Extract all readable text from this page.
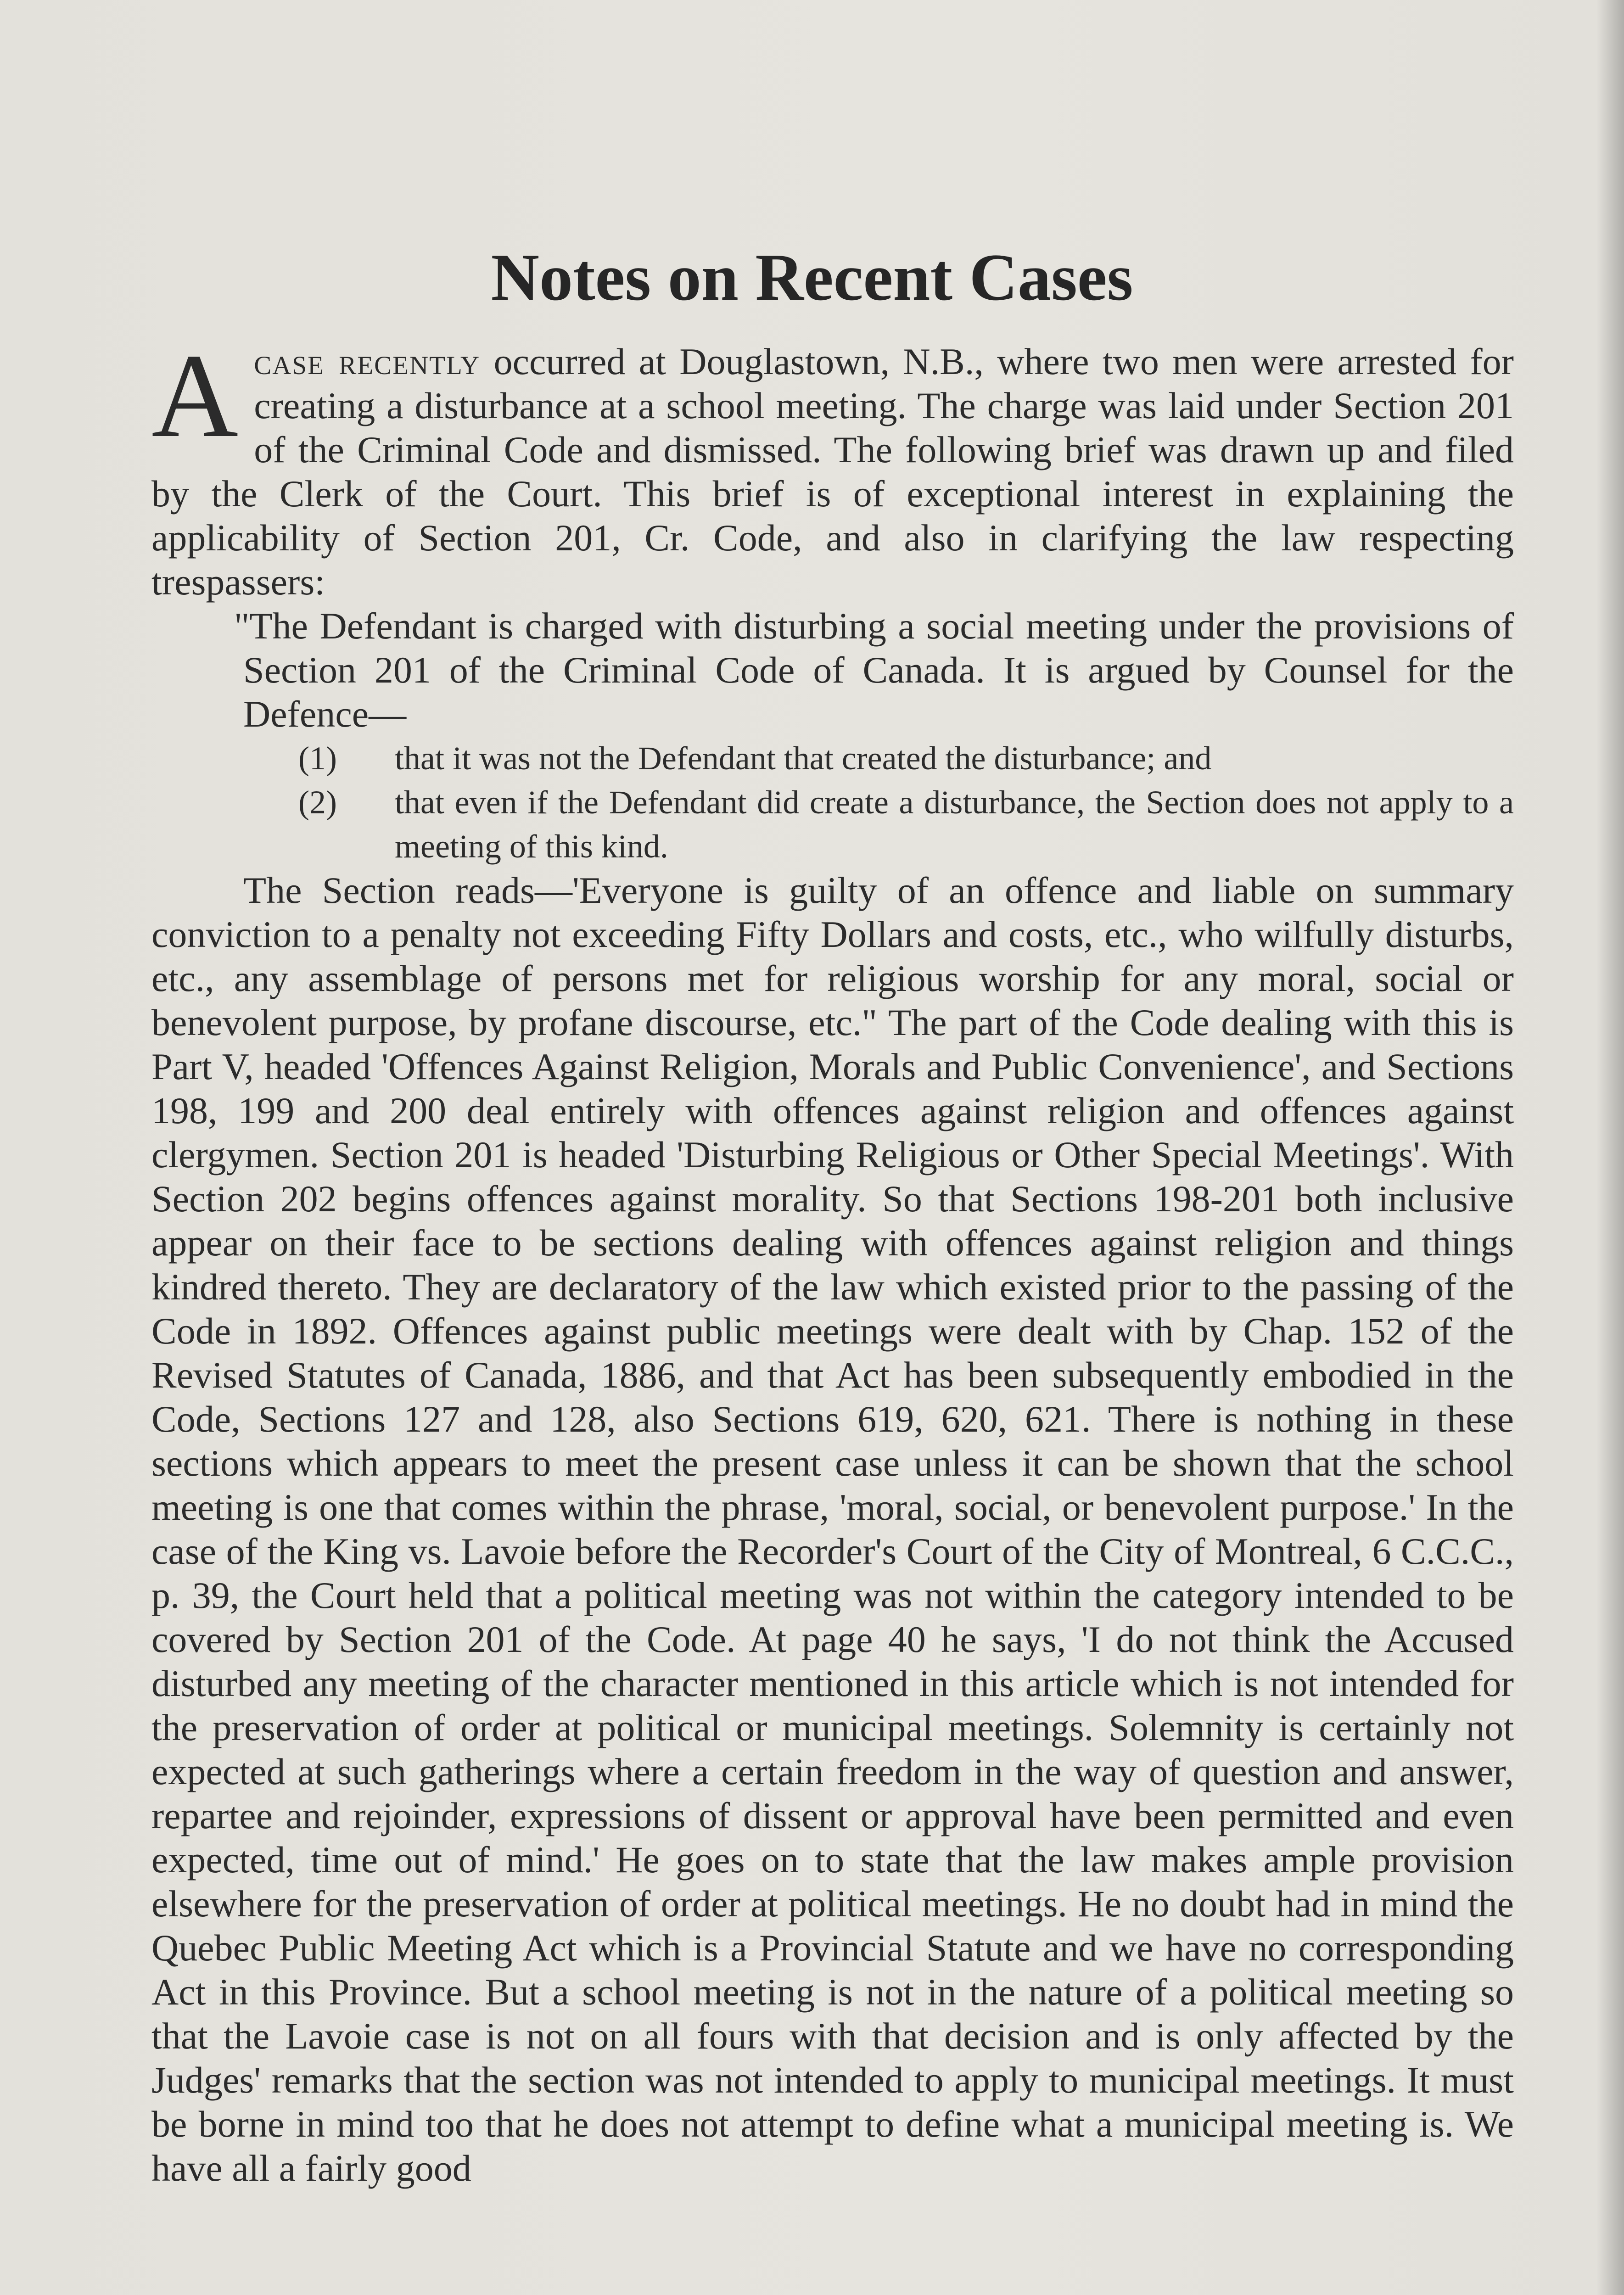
Notes on Recent Cases

Acase recently occurred at Douglastown, N.B., where two men were arrested for creating a disturbance at a school meeting. The charge was laid under Section 201 of the Criminal Code and dismissed. The following brief was drawn up and filed by the Clerk of the Court. This brief is of exceptional interest in explaining the applicability of Section 201, Cr. Code, and also in clarifying the law respecting trespassers:

"The Defendant is charged with disturbing a social meeting under the provisions of Section 201 of the Criminal Code of Canada. It is argued by Counsel for the Defence—

(1)	that it was not the Defendant that created the disturbance; and

(2)	that even if the Defendant did create a disturbance, the Section does not apply to a meeting of this kind.

The Section reads—'Everyone is guilty of an offence and liable on summary conviction to a penalty not exceeding Fifty Dollars and costs, etc., who wilfully disturbs, etc., any assemblage of persons met for religious worship for any moral, social or benevolent purpose, by profane discourse, etc." The part of the Code dealing with this is Part V, headed 'Offences Against Religion, Morals and Public Convenience', and Sections 198, 199 and 200 deal entirely with offences against religion and offences against clergymen. Section 201 is headed 'Disturbing Religious or Other Special Meetings'. With Section 202 begins offences against morality. So that Sections 198-201 both inclusive appear on their face to be sections dealing with offences against religion and things kindred thereto. They are declaratory of the law which existed prior to the passing of the Code in 1892. Offences against public meetings were dealt with by Chap. 152 of the Revised Statutes of Canada, 1886, and that Act has been subsequently embodied in the Code, Sections 127 and 128, also Sections 619, 620, 621. There is nothing in these sections which appears to meet the present case unless it can be shown that the school meeting is one that comes within the phrase, 'moral, social, or benevolent purpose.' In the case of the King vs. Lavoie before the Recorder's Court of the City of Montreal, 6 C.C.C., p. 39, the Court held that a political meeting was not within the category intended to be covered by Section 201 of the Code. At page 40 he says, 'I do not think the Accused disturbed any meeting of the character mentioned in this article which is not intended for the preservation of order at political or municipal meetings. Solemnity is certainly not expected at such gatherings where a certain freedom in the way of question and answer, repartee and rejoinder, expressions of dissent or approval have been permitted and even expected, time out of mind.' He goes on to state that the law makes ample provision elsewhere for the preservation of order at political meetings. He no doubt had in mind the Quebec Public Meeting Act which is a Provincial Statute and we have no corresponding Act in this Province. But a school meeting is not in the nature of a political meeting so that the Lavoie case is not on all fours with that decision and is only affected by the Judges' remarks that the section was not intended to apply to municipal meetings. It must be borne in mind too that he does not attempt to define what a municipal meeting is. We have all a fairly good
